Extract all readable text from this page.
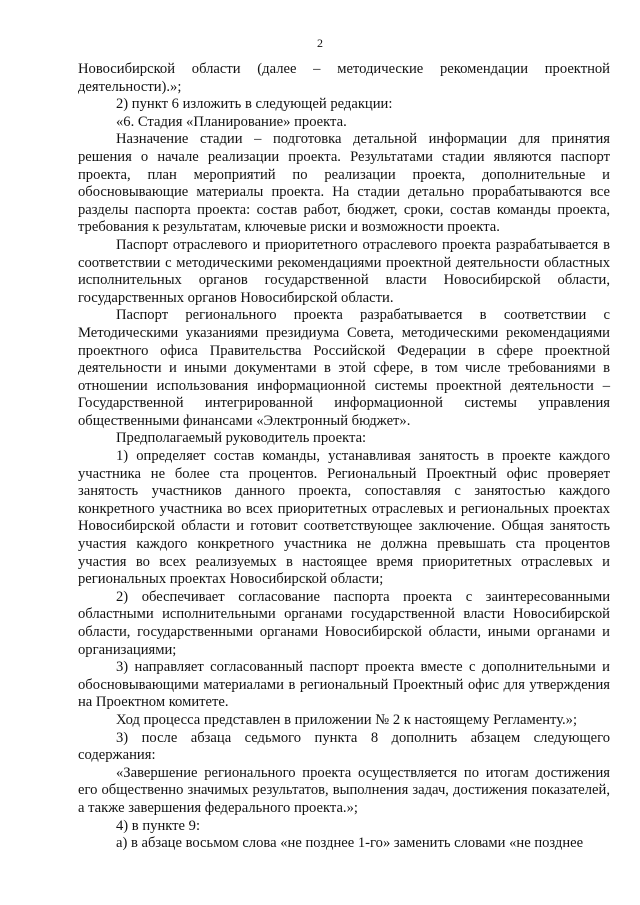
2

Новосибирской области (далее – методические рекомендации проектной деятельности).»;

2) пункт 6 изложить в следующей редакции:

«6. Стадия «Планирование» проекта.

Назначение стадии – подготовка детальной информации для принятия решения о начале реализации проекта. Результатами стадии являются паспорт проекта, план мероприятий по реализации проекта, дополнительные и обосновывающие материалы проекта. На стадии детально прорабатываются все разделы паспорта проекта: состав работ, бюджет, сроки, состав команды проекта, требования к результатам, ключевые риски и возможности проекта.

Паспорт отраслевого и приоритетного отраслевого проекта разрабатывается в соответствии с методическими рекомендациями проектной деятельности областных исполнительных органов государственной власти Новосибирской области, государственных органов Новосибирской области.

Паспорт регионального проекта разрабатывается в соответствии с Методическими указаниями президиума Совета, методическими рекомендациями проектного офиса Правительства Российской Федерации в сфере проектной деятельности и иными документами в этой сфере, в том числе требованиями в отношении использования информационной системы проектной деятельности – Государственной интегрированной информационной системы управления общественными финансами «Электронный бюджет».

Предполагаемый руководитель проекта:

1) определяет состав команды, устанавливая занятость в проекте каждого участника не более ста процентов. Региональный Проектный офис проверяет занятость участников данного проекта, сопоставляя с занятостью каждого конкретного участника во всех приоритетных отраслевых и региональных проектах Новосибирской области и готовит соответствующее заключение. Общая занятость участия каждого конкретного участника не должна превышать ста процентов участия во всех реализуемых в настоящее время приоритетных отраслевых и региональных проектах Новосибирской области;

2) обеспечивает согласование паспорта проекта с заинтересованными областными исполнительными органами государственной власти Новосибирской области, государственными органами Новосибирской области, иными органами и организациями;

3) направляет согласованный паспорт проекта вместе с дополнительными и обосновывающими материалами в региональный Проектный офис для утверждения на Проектном комитете.

Ход процесса представлен в приложении № 2 к настоящему Регламенту.»;

3) после абзаца седьмого пункта 8 дополнить абзацем следующего содержания:

«Завершение регионального проекта осуществляется по итогам достижения его общественно значимых результатов, выполнения задач, достижения показателей, а также завершения федерального проекта.»;

4) в пункте 9:

а) в абзаце восьмом слова «не позднее 1-го» заменить словами «не позднее
